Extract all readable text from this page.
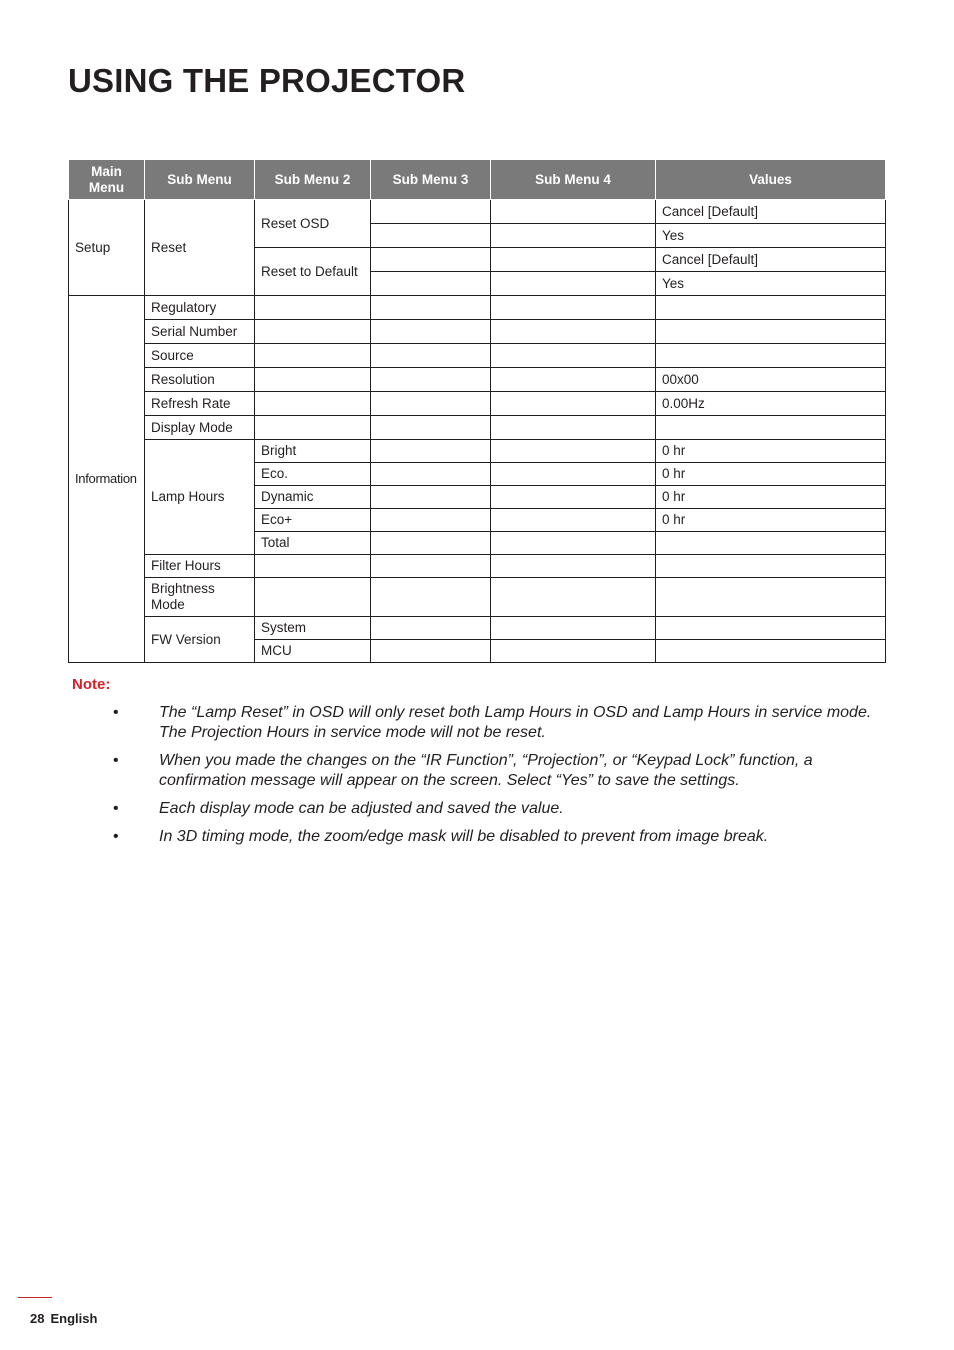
USING THE PROJECTOR
Main Menu	Sub Menu	Sub Menu 2	Sub Menu 3	Sub Menu 4	Values
Setup	Reset	Reset OSD			Cancel [Default]
					Yes
		Reset to Default			Cancel [Default]
					Yes
Information	Regulatory				
	Serial Number				
	Source				
	Resolution				00x00
	Refresh Rate				0.00Hz
	Display Mode				
	Lamp Hours	Bright			0 hr
		Eco.			0 hr
		Dynamic			0 hr
		Eco+			0 hr
		Total			
	Filter Hours				
	Brightness Mode				
	FW Version	System			
		MCU			
Note:
•	The “Lamp Reset” in OSD will only reset both Lamp Hours in OSD and Lamp Hours in service mode. The Projection Hours in service mode will not be reset.
•	When you made the changes on the “IR Function”, “Projection”, or “Keypad Lock” function, a confirmation message will appear on the screen. Select “Yes” to save the settings.
•	Each display mode can be adjusted and saved the value.
•	In 3D timing mode, the zoom/edge mask will be disabled to prevent from image break.
28 English
